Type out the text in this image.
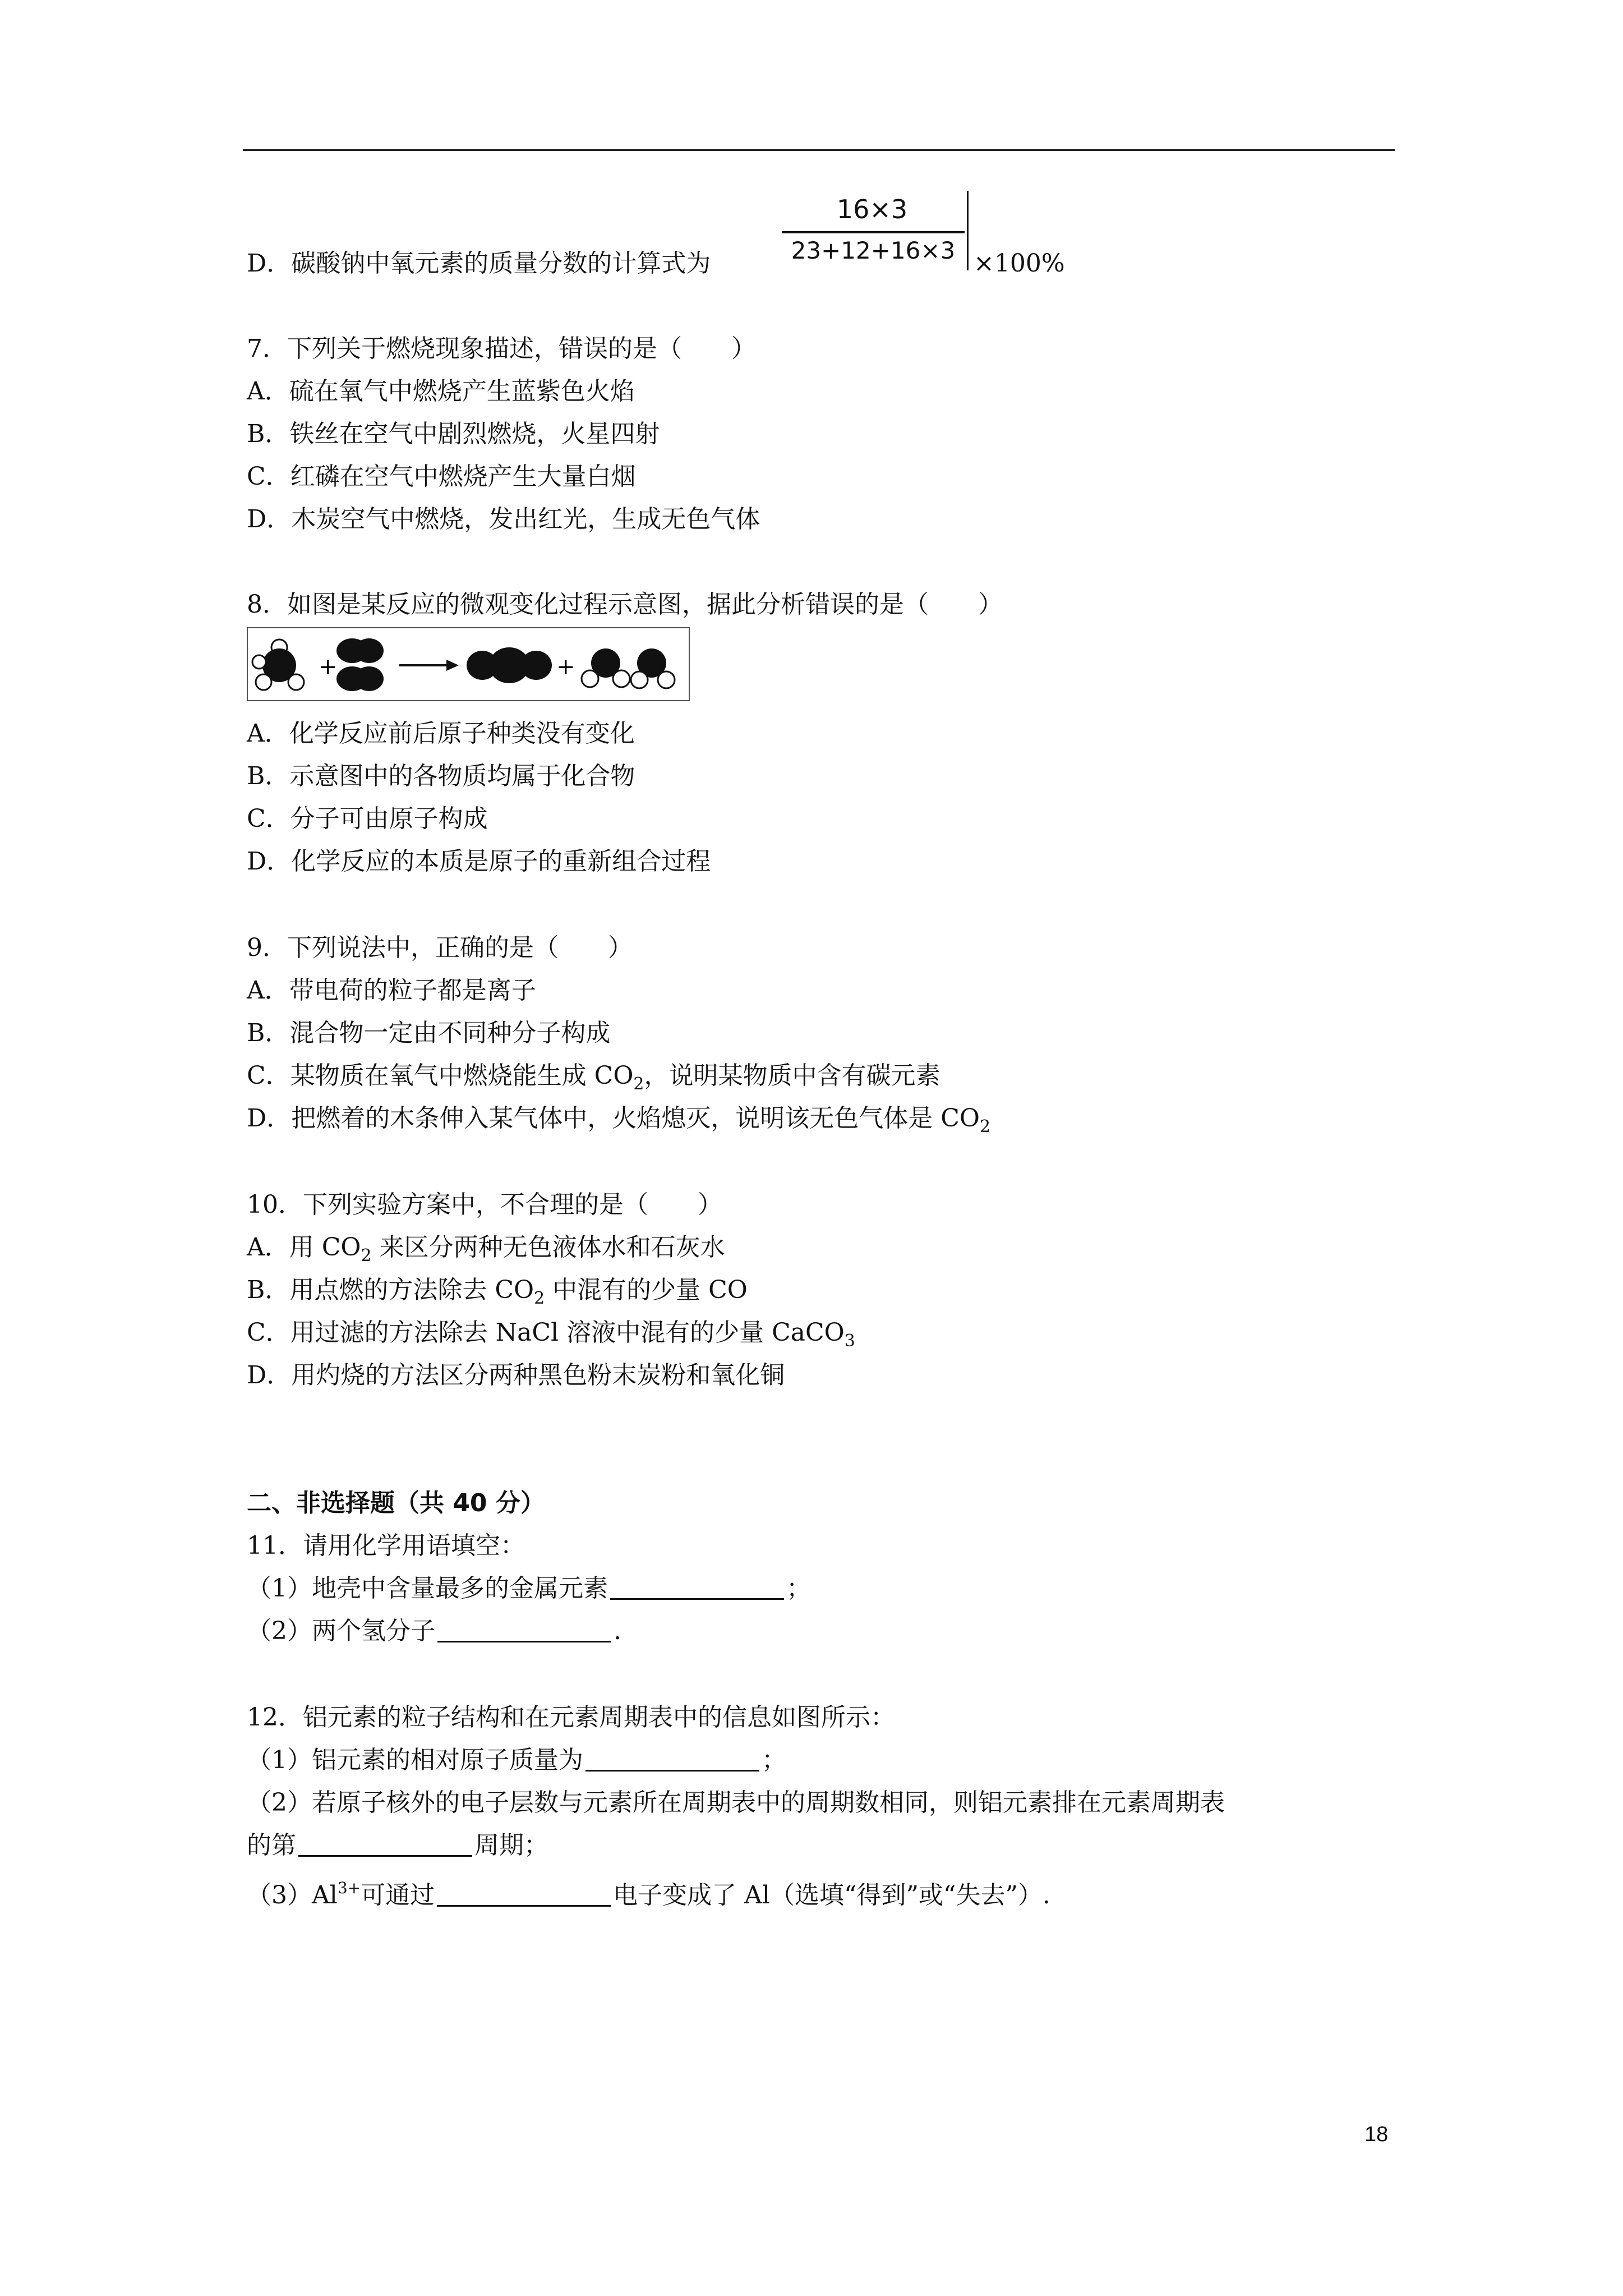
D．碳酸钠中氧元素的质量分数的计算式为
16×3
23+12+16×3 ×100%
7．下列关于燃烧现象描述，错误的是（　　）
A．硫在氧气中燃烧产生蓝紫色火焰
B．铁丝在空气中剧烈燃烧，火星四射
C．红磷在空气中燃烧产生大量白烟
D．木炭空气中燃烧，发出红光，生成无色气体
8．如图是某反应的微观变化过程示意图，据此分析错误的是（　　）
+	+
A．化学反应前后原子种类没有变化
B．示意图中的各物质均属于化合物
C．分子可由原子构成
D．化学反应的本质是原子的重新组合过程
9．下列说法中，正确的是（　　）
A．带电荷的粒子都是离子
B．混合物一定由不同种分子构成
C．某物质在氧气中燃烧能生成 $CO_2$，说明某物质中含有碳元素
D．把燃着的木条伸入某气体中，火焰熄灭，说明该无色气体是 $CO_2$
10．下列实验方案中，不合理的是（　　）
A．用 $CO_2$ 来区分两种无色液体水和石灰水
B．用点燃的方法除去 $CO_2$ 中混有的少量 CO
C．用过滤的方法除去 NaCl 溶液中混有的少量 CaCO$_3$
D．用灼烧的方法区分两种黑色粉末炭粉和氧化铜
二、非选择题（共 40 分）
11．请用化学用语填空：
（1）地壳中含量最多的金属元素	；
（2）两个氢分子	.
12．铝元素的粒子结构和在元素周期表中的信息如图所示：
（1）铝元素的相对原子质量为	；
（2）若原子核外的电子层数与元素所在周期表中的周期数相同，则铝元素排在元素周期表
的第	周期；
$(3)Al^{3+}$可通过	电子变成了 Al（选填“得到”或“失去”）.
18
